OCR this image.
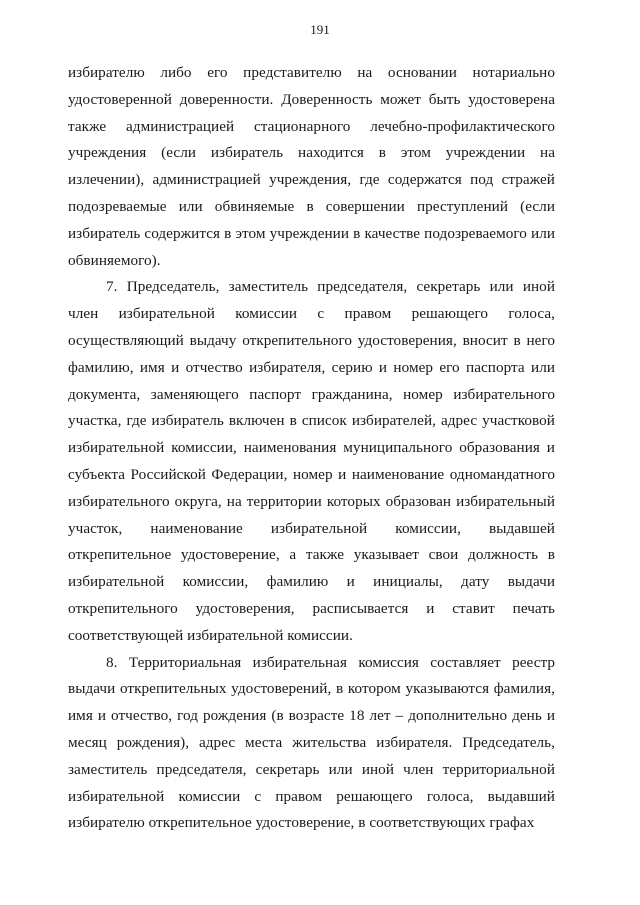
191

избирателю либо его представителю на основании нотариально удостоверенной доверенности. Доверенность может быть удостоверена также администрацией стационарного лечебно-профилактического учреждения (если избиратель находится в этом учреждении на излечении), администрацией учреждения, где содержатся под стражей подозреваемые или обвиняемые в совершении преступлений (если избиратель содержится в этом учреждении в качестве подозреваемого или обвиняемого).

7. Председатель, заместитель председателя, секретарь или иной член избирательной комиссии с правом решающего голоса, осуществляющий выдачу открепительного удостоверения, вносит в него фамилию, имя и отчество избирателя, серию и номер его паспорта или документа, заменяющего паспорт гражданина, номер избирательного участка, где избиратель включен в список избирателей, адрес участковой избирательной комиссии, наименования муниципального образования и субъекта Российской Федерации, номер и наименование одномандатного избирательного округа, на территории которых образован избирательный участок, наименование избирательной комиссии, выдавшей открепительное удостоверение, а также указывает свои должность в избирательной комиссии, фамилию и инициалы, дату выдачи открепительного удостоверения, расписывается и ставит печать соответствующей избирательной комиссии.

8. Территориальная избирательная комиссия составляет реестр выдачи открепительных удостоверений, в котором указываются фамилия, имя и отчество, год рождения (в возрасте 18 лет – дополнительно день и месяц рождения), адрес места жительства избирателя. Председатель, заместитель председателя, секретарь или иной член территориальной избирательной комиссии с правом решающего голоса, выдавший избирателю открепительное удостоверение, в соответствующих графах
